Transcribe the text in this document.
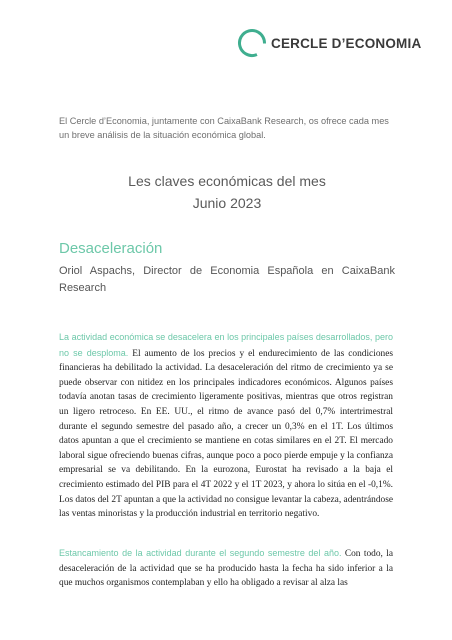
CERCLE D’ECONOMIA
El Cercle d’Economia, juntamente con CaixaBank Research, os ofrece cada mes un breve análisis de la situación económica global.
Les claves económicas del mes
Junio 2023
Desaceleración
Oriol Aspachs, Director de Economia Española en CaixaBank Research

La actividad económica se desacelera en los principales países desarrollados, pero no se desploma. El aumento de los precios y el endurecimiento de las condiciones financieras ha debilitado la actividad. La desaceleración del ritmo de crecimiento ya se puede observar con nitidez en los principales indicadores económicos. Algunos países todavía anotan tasas de crecimiento ligeramente positivas, mientras que otros registran un ligero retroceso. En EE. UU., el ritmo de avance pasó del 0,7% intertrimestral durante el segundo semestre del pasado año, a crecer un 0,3% en el 1T. Los últimos datos apuntan a que el crecimiento se mantiene en cotas similares en el 2T. El mercado laboral sigue ofreciendo buenas cifras, aunque poco a poco pierde empuje y la confianza empresarial se va debilitando. En la eurozona, Eurostat ha revisado a la baja el crecimiento estimado del PIB para el 4T 2022 y el 1T 2023, y ahora lo sitúa en el -0,1%. Los datos del 2T apuntan a que la actividad no consigue levantar la cabeza, adentrándose las ventas minoristas y la producción industrial en territorio negativo.

Estancamiento de la actividad durante el segundo semestre del año. Con todo, la desaceleración de la actividad que se ha producido hasta la fecha ha sido inferior a la que muchos organismos contemplaban y ello ha obligado a revisar al alza las
